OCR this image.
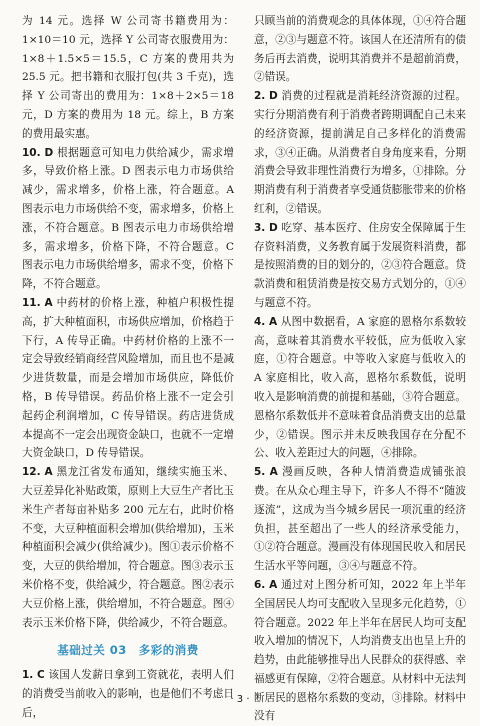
为 14 元。选择 W 公司寄书籍费用为：1×10＝10 元，选择 Y 公司寄衣服费用为：1×8＋1.5×5＝15.5，C 方案的费用共为 25.5 元。把书籍和衣服打包(共 3 千克)，选择 Y 公司寄出的费用为：1×8＋2×5＝18 元，D 方案的费用为 18 元。综上，B 方案的费用最实惠。

10. D 根据题意可知电力供给减少，需求增多，导致价格上涨。D 图表示电力市场供给减少，需求增多，价格上涨，符合题意。A 图表示电力市场供给不变，需求增多，价格上涨，不符合题意。B 图表示电力市场供给增多，需求增多，价格下降，不符合题意。C 图表示电力市场供给增多，需求不变，价格下降，不符合题意。

11. A 中药材的价格上涨，种植户积极性提高，扩大种植面积，市场供应增加，价格趋于下行，A 传导正确。中药材价格的上涨不一定会导致经销商经营风险增加，而且也不是减少进货数量，而是会增加市场供应，降低价格，B 传导错误。药品价格上涨不一定会引起药企利润增加，C 传导错误。药店进货成本提高不一定会出现资金缺口，也就不一定增大资金缺口，D 传导错误。

12. A 黑龙江省发布通知，继续实施玉米、大豆差异化补贴政策，原则上大豆生产者比玉米生产者每亩补贴多 200 元左右，此时价格不变，大豆种植面积会增加(供给增加)，玉米种植面积会减少(供给减少)。图①表示价格不变，大豆的供给增加，符合题意。图③表示玉米价格不变，供给减少，符合题意。图②表示大豆价格上涨，供给增加，不符合题意。图④表示玉米价格下降，供给减少，不符合题意。

基础过关 03　多彩的消费

1. C 该国人发薪日拿到工资就花，表明人们的消费受当前收入的影响，也是他们不考虑日后，

只顾当前的消费观念的具体体现，①④符合题意，②③与题意不符。该国人在还清所有的债务后再去消费，说明其消费并不是超前消费，②错误。

2. D 消费的过程就是消耗经济资源的过程。实行分期消费有利于消费者跨期调配自己未来的经济资源，提前满足自己多样化的消费需求，③④正确。从消费者自身角度来看，分期消费会导致非理性消费行为增多，①排除。分期消费有利于消费者享受通货膨胀带来的价格红利，②错误。

3. D 吃穿、基本医疗、住房安全保障属于生存资料消费，义务教育属于发展资料消费，都是按照消费的目的划分的，②③符合题意。贷款消费和租赁消费是按交易方式划分的，①④与题意不符。

4. A 从图中数据看，A 家庭的恩格尔系数较高，意味着其消费水平较低，应为低收入家庭，①符合题意。中等收入家庭与低收入的 A 家庭相比，收入高，恩格尔系数低，说明收入是影响消费的前提和基础，③符合题意。恩格尔系数低并不意味着食品消费支出的总量少，②错误。图示并未反映我国存在分配不公、收入差距过大的问题，④排除。

5. A 漫画反映，各种人情消费造成铺张浪费。在从众心理主导下，许多人不得不“随波逐流”，这成为当今城乡居民一项沉重的经济负担，甚至超出了一些人的经济承受能力，①②符合题意。漫画没有体现国民收入和居民生活水平等问题，③④与题意不符。

6. A 通过对上图分析可知，2022 年上半年全国居民人均可支配收入呈现多元化趋势，①符合题意。2022 年上半年在居民人均可支配收入增加的情况下，人均消费支出也呈上升的趋势，由此能够推导出人民群众的获得感、幸福感更有保障，②符合题意。从材料中无法判断居民的恩格尔系数的变动，③排除。材料中没有

· 3 ·
